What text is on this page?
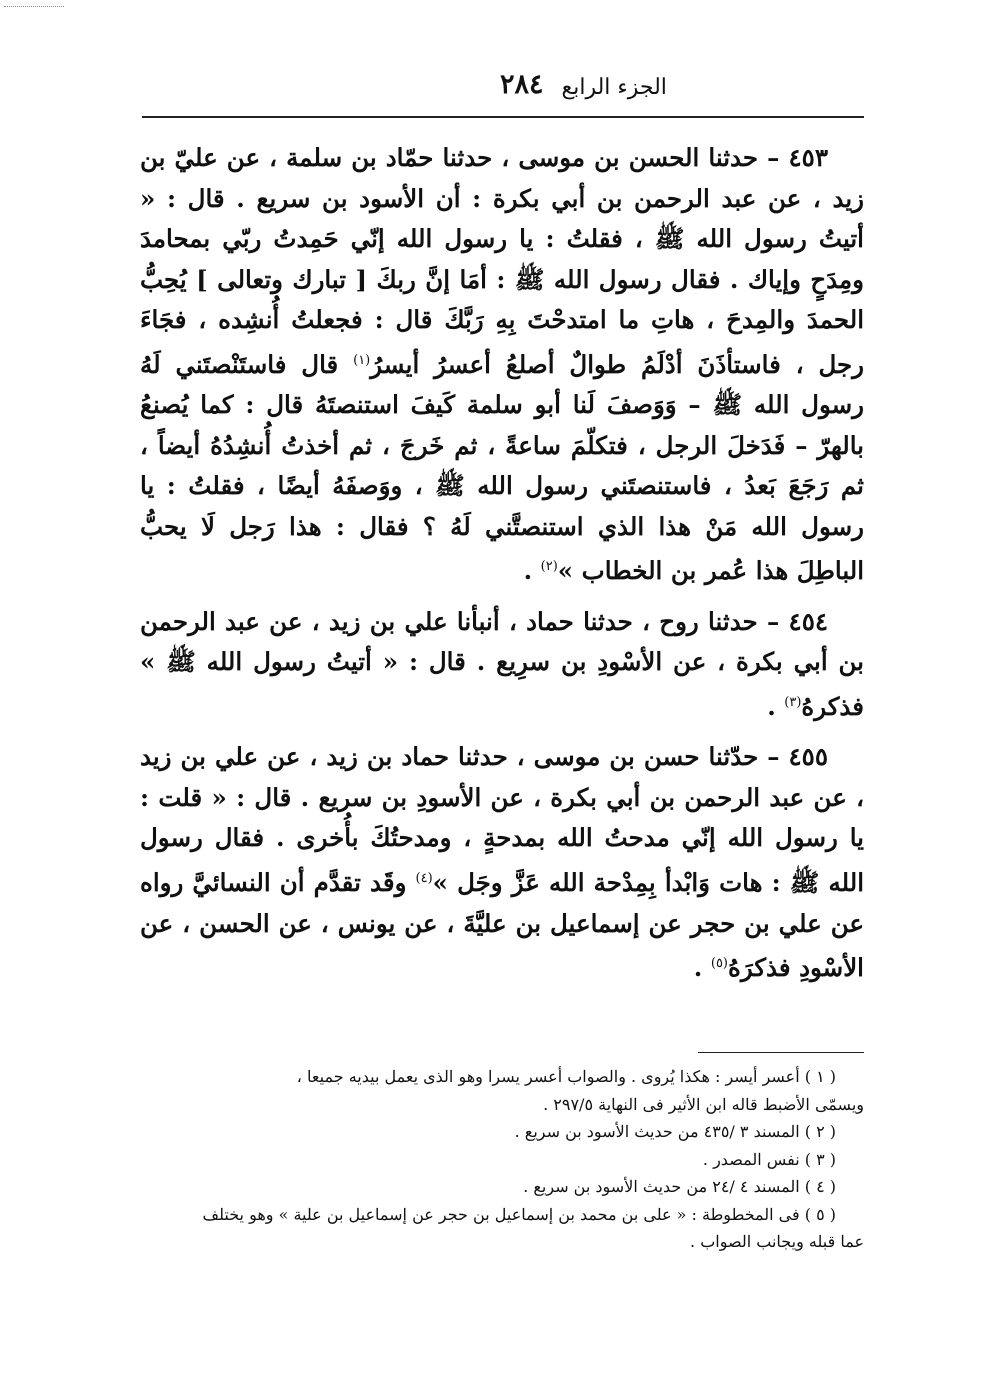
٢٨٤ الجزء الرابع

٤٥٣ – حدثنا الحسن بن موسى ، حدثنا حمّاد بن سلمة ، عن عليّ بن زيد ، عن عبد الرحمن بن أبي بكرة : أن الأسود بن سريع . قال : « أتيتُ رسول الله ﷺ ، فقلتُ : يا رسول الله إنّي حَمِدتُ ربّي بمحامدَ ومِدَحٍ وإياك . فقال رسول الله ﷺ : أمَا إنَّ ربكَ [ تبارك وتعالى ] يُحِبُّ الحمدَ والمِدحَ ، هاتِ ما امتدحْتَ بِهِ رَبَّكَ قال : فجعلتُ أُنشِده ، فجَاءَ رجل ، فاستأذَنَ أدْلَمُ طوالٌ أصلعُ أعسرُ أيسرُ$^{(١)}$ قال فاستَنْصتَني لَهُ رسول الله ﷺ – وَوَصفَ لَنا أبو سلمة كَيفَ استنصتَهُ قال : كما يُصنعُ بالهرّ – فَدَخلَ الرجل ، فتكلّمَ ساعةً ، ثم خَرجَ ، ثم أخذتُ أُنشِدُهُ أيضاً ، ثم رَجَعَ بَعدُ ، فاستنصتَني رسول الله ﷺ ، ووَصفَهُ أيضًا ، فقلتُ : يا رسول الله مَنْ هذا الذي استنصتَّني لَهُ ؟ فقال : هذا رَجل لَا يحبُّ الباطِلَ هذا عُمر بن الخطاب »$^{(٢)}$ .

٤٥٤ – حدثنا روح ، حدثنا حماد ، أنبأنا علي بن زيد ، عن عبد الرحمن بن أبي بكرة ، عن الأسْودِ بن سرِيع . قال : « أتيتُ رسول الله ﷺ » فذكرهُ$^{(٣)}$ .

٤٥٥ – حدّثنا حسن بن موسى ، حدثنا حماد بن زيد ، عن علي بن زيد ، عن عبد الرحمن بن أبي بكرة ، عن الأسودِ بن سريع . قال : « قلت : يا رسول الله إنّي مدحتُ الله بمدحةٍ ، ومدحتُكَ بأُخرى . فقال رسول الله ﷺ : هات وَابْدأ بِمِدْحة الله عَزَّ وجَل »$^{(٤)}$ وقَد تقدَّم أن النسائيَّ رواه عن علي بن حجر عن إسماعيل بن عليَّةَ ، عن يونس ، عن الحسن ، عن الأسْودِ فذكرَهُ$^{(٥)}$ .

( ١ ) أعسر أيسر : هكذا يُروى . والصواب أعسر يسرا وهو الذى يعمل بيديه جميعا ،

ويسمّى الأضبط قاله ابن الأثير فى النهاية ٢٩٧/٥ .

( ٢ ) المسند ٣ /٤٣٥ من حديث الأسود بن سريع .

( ٣ ) نفس المصدر .

( ٤ ) المسند ٤ /٢٤ من حديث الأسود بن سريع .

( ٥ ) فى المخطوطة : « على بن محمد بن إسماعيل بن حجر عن إسماعيل بن علية » وهو يختلف

عما قبله ويجانب الصواب .
